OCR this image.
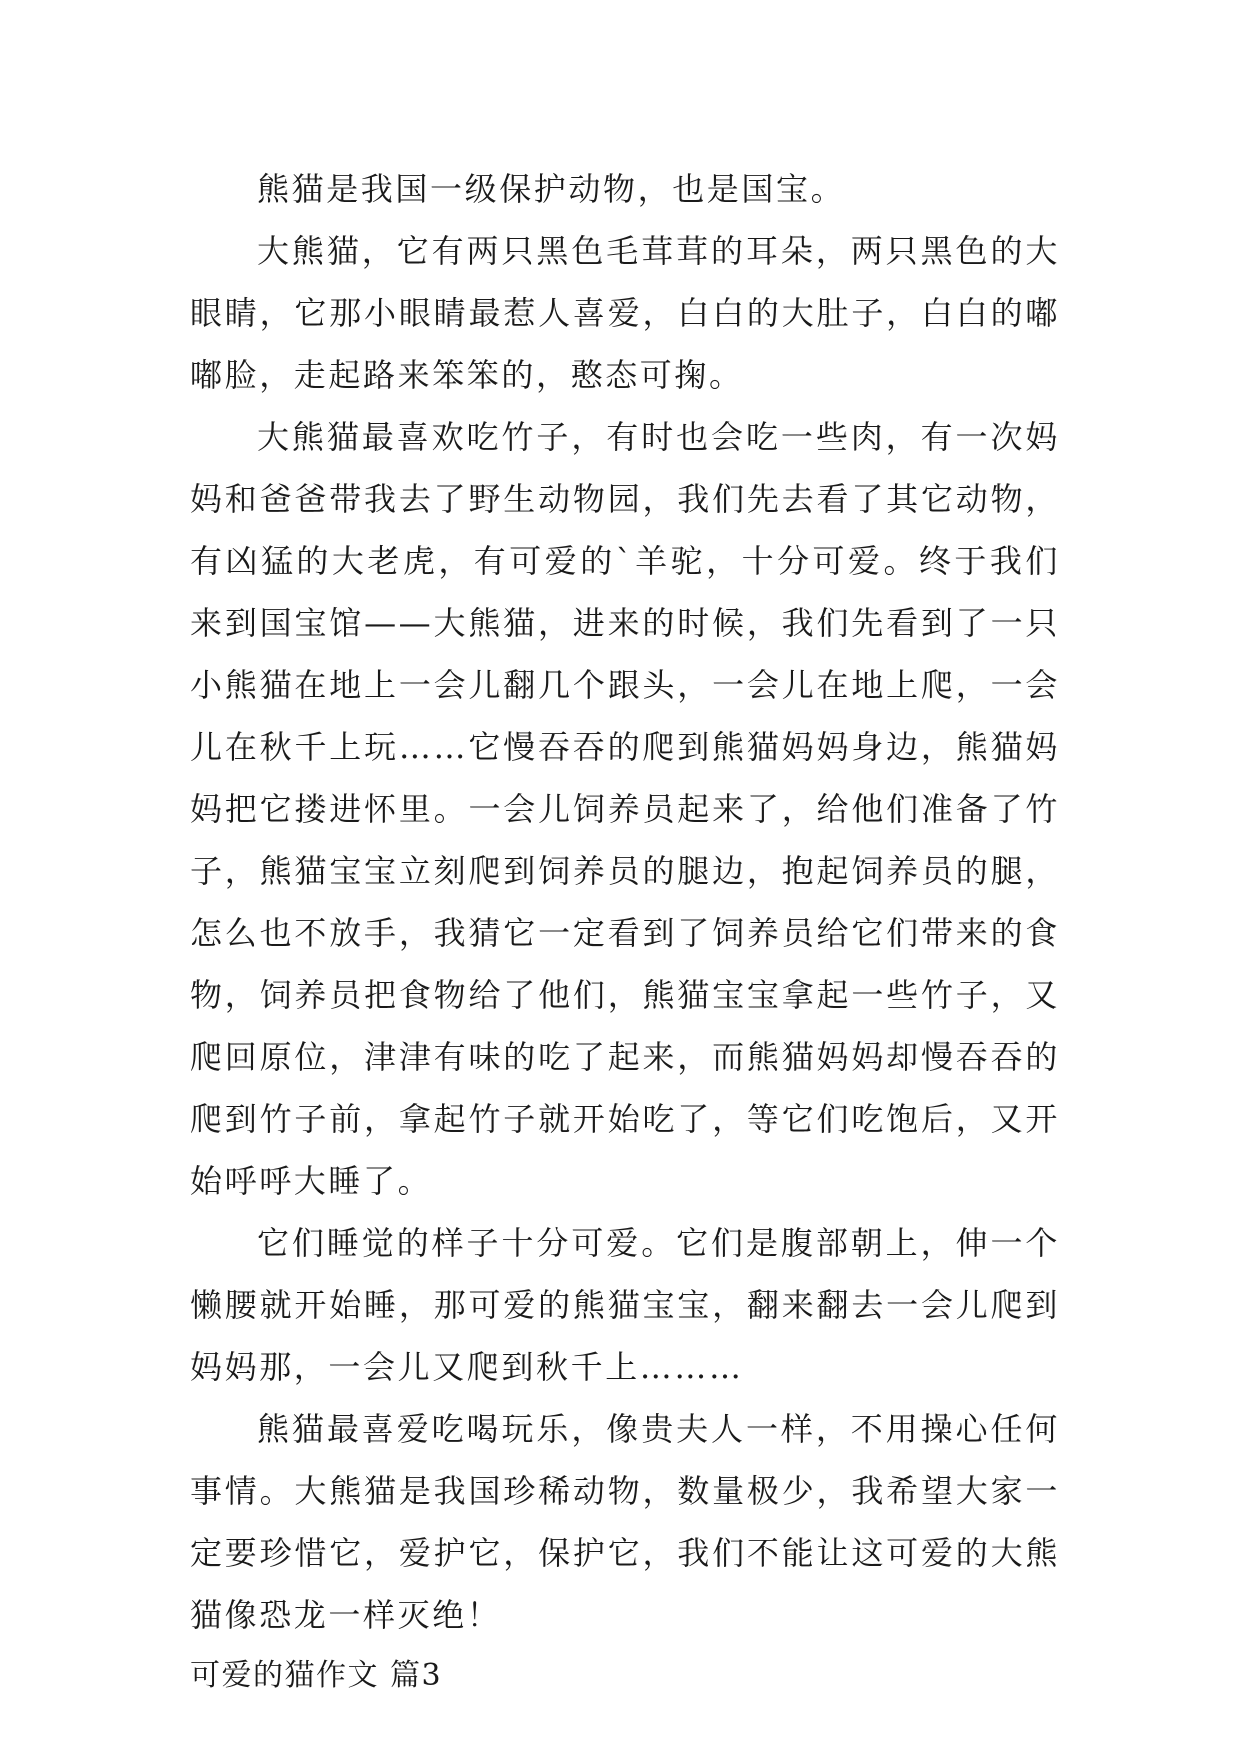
熊猫是我国一级保护动物，也是国宝。

大熊猫，它有两只黑色毛茸茸的耳朵，两只黑色的大眼睛，它那小眼睛最惹人喜爱，白白的大肚子，白白的嘟嘟脸，走起路来笨笨的，憨态可掬。

大熊猫最喜欢吃竹子，有时也会吃一些肉，有一次妈妈和爸爸带我去了野生动物园，我们先去看了其它动物，有凶猛的大老虎，有可爱的`羊驼，十分可爱。终于我们来到国宝馆——大熊猫，进来的时候，我们先看到了一只小熊猫在地上一会儿翻几个跟头，一会儿在地上爬，一会儿在秋千上玩……它慢吞吞的爬到熊猫妈妈身边，熊猫妈妈把它搂进怀里。一会儿饲养员起来了，给他们准备了竹子，熊猫宝宝立刻爬到饲养员的腿边，抱起饲养员的腿，怎么也不放手，我猜它一定看到了饲养员给它们带来的食物，饲养员把食物给了他们，熊猫宝宝拿起一些竹子，又爬回原位，津津有味的吃了起来，而熊猫妈妈却慢吞吞的爬到竹子前，拿起竹子就开始吃了，等它们吃饱后，又开始呼呼大睡了。

它们睡觉的样子十分可爱。它们是腹部朝上，伸一个懒腰就开始睡，那可爱的熊猫宝宝，翻来翻去一会儿爬到妈妈那，一会儿又爬到秋千上………

熊猫最喜爱吃喝玩乐，像贵夫人一样，不用操心任何事情。大熊猫是我国珍稀动物，数量极少，我希望大家一定要珍惜它，爱护它，保护它，我们不能让这可爱的大熊猫像恐龙一样灭绝！

可爱的猫作文 篇3
